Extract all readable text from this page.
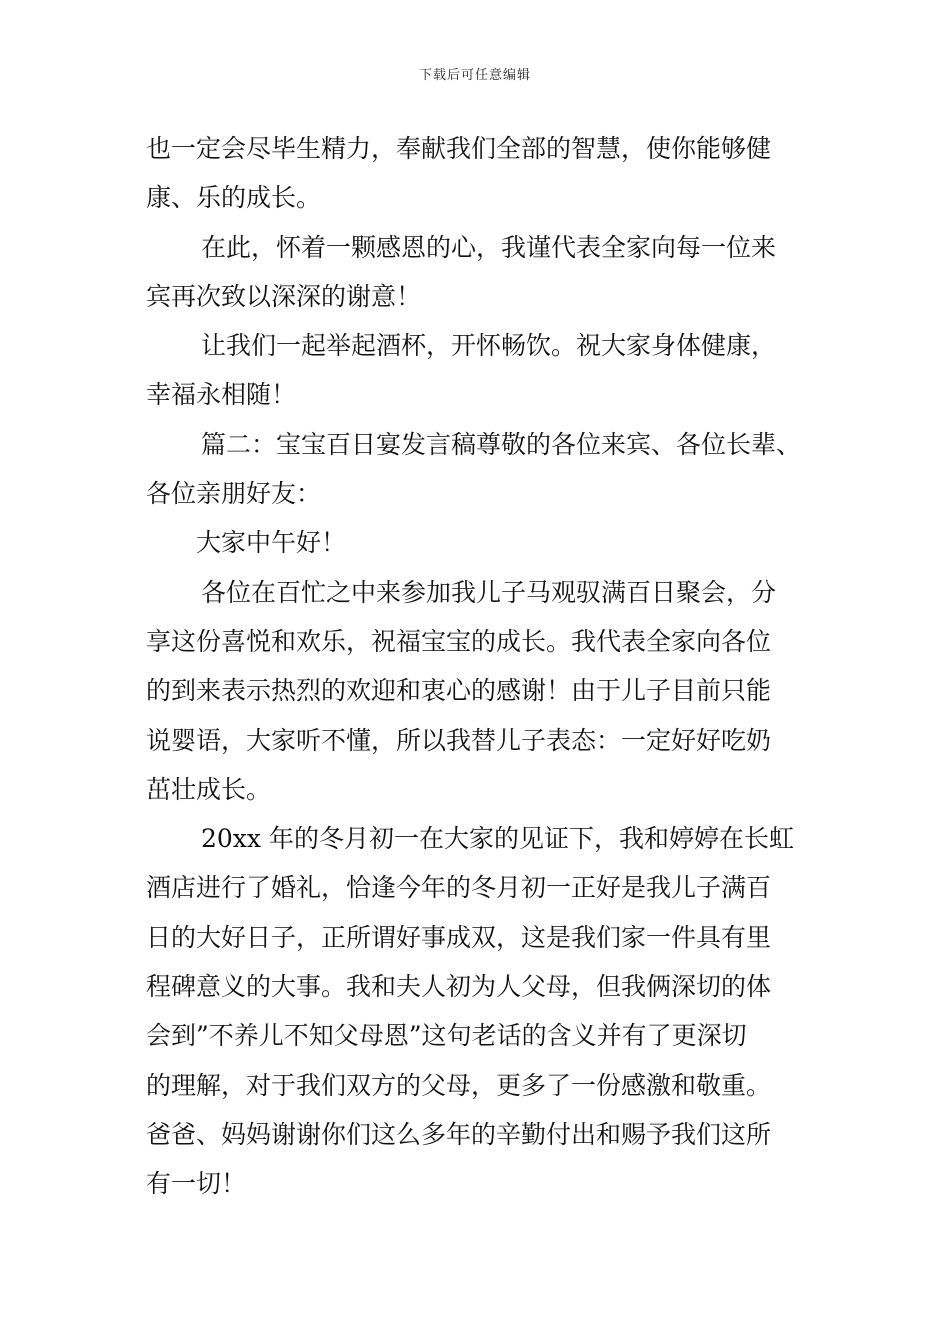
下载后可任意编辑
也一定会尽毕生精力，奉献我们全部的智慧，使你能够健
康、乐的成长。
在此，怀着一颗感恩的心，我谨代表全家向每一位来
宾再次致以深深的谢意！
让我们一起举起酒杯，开怀畅饮。祝大家身体健康，
幸福永相随！
篇二：宝宝百日宴发言稿尊敬的各位来宾、各位长辈、
各位亲朋好友：
大家中午好！
各位在百忙之中来参加我儿子马观驭满百日聚会，分
享这份喜悦和欢乐，祝福宝宝的成长。我代表全家向各位
的到来表示热烈的欢迎和衷心的感谢！由于儿子目前只能
说婴语，大家听不懂，所以我替儿子表态：一定好好吃奶
茁壮成长。
20xx 年的冬月初一在大家的见证下，我和婷婷在长虹
酒店进行了婚礼，恰逢今年的冬月初一正好是我儿子满百
日的大好日子，正所谓好事成双，这是我们家一件具有里
程碑意义的大事。我和夫人初为人父母，但我俩深切的体
会到”不养儿不知父母恩”这句老话的含义并有了更深切
的理解，对于我们双方的父母，更多了一份感激和敬重。
爸爸、妈妈谢谢你们这么多年的辛勤付出和赐予我们这所
有一切！
